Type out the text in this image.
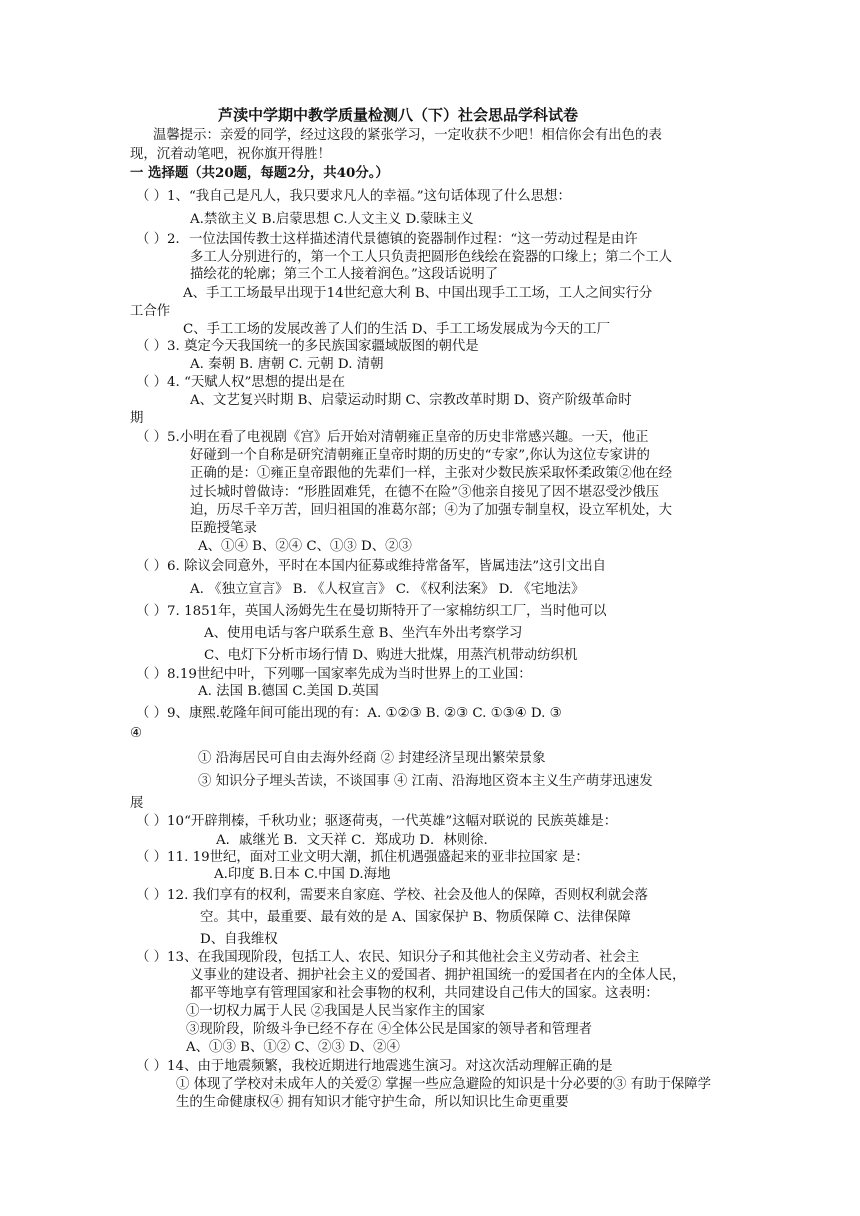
芦渎中学期中教学质量检测八（下）社会思品学科试卷
温馨提示：亲爱的同学，经过这段的紧张学习，一定收获不少吧！相信你会有出色的表
现，沉着动笔吧，祝你旗开得胜！
一 选择题（共20题，每题2分，共40分。）
（ ）1、“我自己是凡人，我只要求凡人的幸福。”这句话体现了什么思想：
A.禁欲主义 B.启蒙思想 C.人文主义 D.蒙昧主义
（ ）2．一位法国传教士这样描述清代景德镇的瓷器制作过程：“这一劳动过程是由许
多工人分别进行的，第一个工人只负责把圆形色线绘在瓷器的口缘上；第二个工人
描绘花的轮廓；第三个工人接着润色。”这段话说明了
A、手工工场最早出现于14世纪意大利 B、中国出现手工工场，工人之间实行分
工合作
C、手工工场的发展改善了人们的生活 D、手工工场发展成为今天的工厂
（ ）3. 奠定今天我国统一的多民族国家疆域版图的朝代是
A. 秦朝 B. 唐朝 C. 元朝 D. 清朝
（ ）4. “天赋人权”思想的提出是在
A、文艺复兴时期 B、启蒙运动时期 C、宗教改革时期 D、资产阶级革命时
期
（ ）5.小明在看了电视剧《宫》后开始对清朝雍正皇帝的历史非常感兴趣。一天，他正
好碰到一个自称是研究清朝雍正皇帝时期的历史的“专家”,你认为这位专家讲的
正确的是：①雍正皇帝跟他的先辈们一样，主张对少数民族采取怀柔政策②他在经
过长城时曾做诗：“形胜固难凭，在德不在险”③他亲自接见了因不堪忍受沙俄压
迫，历尽千辛万苦，回归祖国的准葛尔部；④为了加强专制皇权，设立军机处，大
臣跪授笔录
A、①④ B、②④ C、①③ D、②③
（ ）6. 除议会同意外，平时在本国内征募或维持常备军，皆属违法”这引文出自
A. 《独立宣言》 B. 《人权宣言》 C. 《权利法案》 D. 《宅地法》
（ ）7. 1851年，英国人汤姆先生在曼切斯特开了一家棉纺织工厂，当时他可以
A、使用电话与客户联系生意 B、坐汽车外出考察学习
C、电灯下分析市场行情 D、购进大批煤，用蒸汽机带动纺织机
（ ）8.19世纪中叶，下列哪一国家率先成为当时世界上的工业国：
A. 法国 B.德国 C.美国 D.英国
（ ）9、康熙.乾隆年间可能出现的有：A. ①②③ B. ②③ C. ①③④ D. ③
④
① 沿海居民可自由去海外经商 ② 封建经济呈现出繁荣景象
③ 知识分子埋头苦读，不谈国事 ④ 江南、沿海地区资本主义生产萌芽迅速发
展
（ ）10“开辟荆榛，千秋功业；驱逐荷夷，一代英雄”这幅对联说的 民族英雄是：
A．戚继光 B．文天祥 C．郑成功 D．林则徐.
（ ）11. 19世纪，面对工业文明大潮，抓住机遇强盛起来的亚非拉国家 是：
A.印度 B.日本 C.中国 D.海地
（ ）12. 我们享有的权利，需要来自家庭、学校、社会及他人的保障，否则权利就会落
空。其中，最重要、最有效的是 A、国家保护 B、物质保障 C、法律保障
D、自我维权
（ ）13、在我国现阶段，包括工人、农民、知识分子和其他社会主义劳动者、社会主
义事业的建设者、拥护社会主义的爱国者、拥护祖国统一的爱国者在内的全体人民，
都平等地享有管理国家和社会事物的权利，共同建设自己伟大的国家。这表明：
①一切权力属于人民 ②我国是人民当家作主的国家
③现阶段，阶级斗争已经不存在 ④全体公民是国家的领导者和管理者
A、①③ B、①② C、②③ D、②④
（ ）14、由于地震频繁，我校近期进行地震逃生演习。对这次活动理解正确的是
① 体现了学校对未成年人的关爱② 掌握一些应急避险的知识是十分必要的③ 有助于保障学
生的生命健康权④ 拥有知识才能守护生命，所以知识比生命更重要
